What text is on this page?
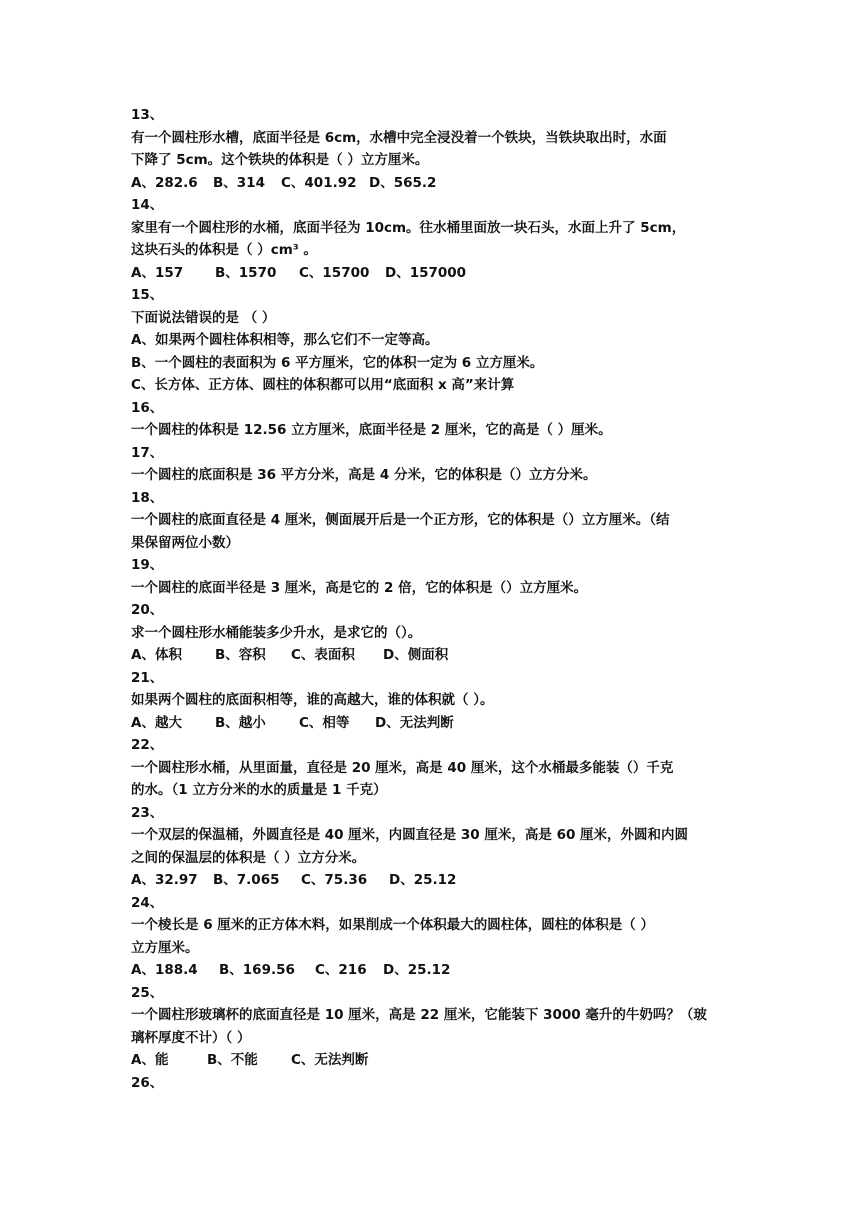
13、
有一个圆柱形水槽，底面半径是 6cm，水槽中完全浸没着一个铁块，当铁块取出时，水面
下降了 5cm。这个铁块的体积是（ ）立方厘米。
A、282.6 B、314 C、401.92 D、565.2
14、
家里有一个圆柱形的水桶，底面半径为 10cm。往水桶里面放一块石头，水面上升了 5cm，
这块石头的体积是（ ）cm³ 。
A、157 B、1570 C、15700 D、157000
15、
下面说法错误的是 （ ）
A、如果两个圆柱体积相等，那么它们不一定等高。
B、一个圆柱的表面积为 6 平方厘米，它的体积一定为 6 立方厘米。
C、长方体、正方体、圆柱的体积都可以用“底面积 x 高”来计算
16、
一个圆柱的体积是 12.56 立方厘米，底面半径是 2 厘米，它的高是（ ）厘米。
17、
一个圆柱的底面积是 36 平方分米，高是 4 分米，它的体积是（）立方分米。
18、
一个圆柱的底面直径是 4 厘米，侧面展开后是一个正方形，它的体积是（）立方厘米。（结
果保留两位小数）
19、
一个圆柱的底面半径是 3 厘米，高是它的 2 倍，它的体积是（）立方厘米。
20、
求一个圆柱形水桶能装多少升水，是求它的（）。
A、体积 B、容积 C、表面积 D、侧面积
21、
如果两个圆柱的底面积相等，谁的高越大，谁的体积就（ ）。
A、越大 B、越小 C、相等 D、无法判断
22、
一个圆柱形水桶，从里面量，直径是 20 厘米，高是 40 厘米，这个水桶最多能装（）千克
的水。（1 立方分米的水的质量是 1 千克）
23、
一个双层的保温桶，外圆直径是 40 厘米，内圆直径是 30 厘米，高是 60 厘米，外圆和内圆
之间的保温层的体积是（ ）立方分米。
A、32.97 B、7.065 C、75.36 D、25.12
24、
一个棱长是 6 厘米的正方体木料，如果削成一个体积最大的圆柱体，圆柱的体积是（ ）
立方厘米。
A、188.4 B、169.56 C、216 D、25.12
25、
一个圆柱形玻璃杯的底面直径是 10 厘米，高是 22 厘米，它能装下 3000 毫升的牛奶吗？（玻
璃杯厚度不计）（ ）
A、能	B、不能 C、无法判断
26、
